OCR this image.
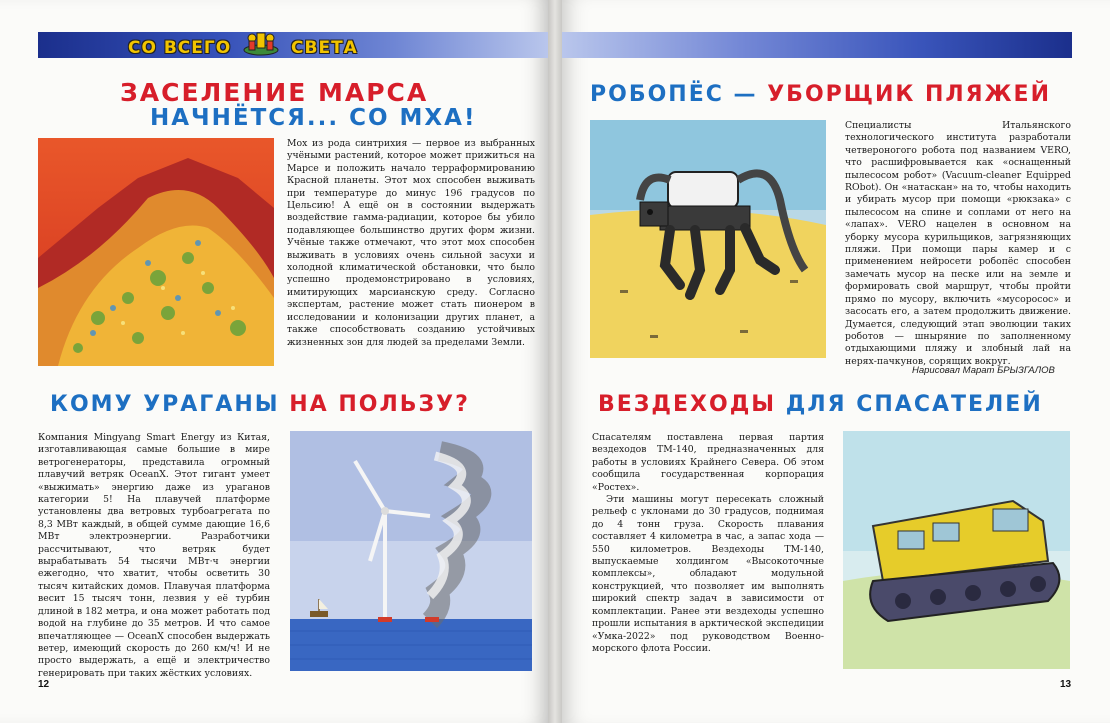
СО ВСЕГО	СВЕТА
ЗАСЕЛЕНИЕ МАРСА
НАЧНЁТСЯ... СО МХА!

Мох из рода синтрихия — первое из выбранных учёными растений, которое может прижиться на Марсе и положить начало терраформированию Красной планеты. Этот мох способен выживать при температуре до минус 196 градусов по Цельсию! А ещё он в состоянии выдержать воздействие гамма-радиации, которое бы убило подавляющее большинство других форм жизни. Учёные также отмечают, что этот мох способен выживать в условиях очень сильной засухи и холодной климатической обстановки, что было успешно продемонстрировано в условиях, имитирующих марсианскую среду. Согласно экспертам, растение может стать пионером в исследовании и колонизации других планет, а также способствовать созданию устойчивых жизненных зон для людей за пределами Земли.

РОБОПЁС — УБОРЩИК ПЛЯЖЕЙ

Специалисты Итальянского технологического института разработали четвероногого робота под названием VERO, что расшифровывается как «оснащенный пылесосом робот» (Vacuum-cleaner Equipped RObot). Он «натаскан» на то, чтобы находить и убирать мусор при помощи «рюкзака» с пылесосом на спине и соплами от него на «лапах». VERO нацелен в основном на уборку мусора курильщиков, загрязняющих пляжи. При помощи пары камер и с применением нейросети робопёс способен замечать мусор на песке или на земле и формировать свой маршрут, чтобы пройти прямо по мусору, включить «мусоросос» и засосать его, а затем продолжить движение. Думается, следующий этап эволюции таких роботов — шныряние по заполненному отдыхающими пляжу и злобный лай на нерях-пачкунов, сорящих вокруг.

Нарисовал Марат БРЫЗГАЛОВ
КОМУ УРАГАНЫ НА ПОЛЬЗУ?

Компания Mingyang Smart Energy из Китая, изготавливающая самые большие в мире ветрогенераторы, представила огромный плавучий ветряк OceanX. Этот гигант умеет «выжимать» энергию даже из ураганов категории 5! На плавучей платформе установлены два ветровых турбоагрегата по 8,3 МВт каждый, в общей сумме дающие 16,6 МВт электроэнергии. Разработчики рассчитывают, что ветряк будет вырабатывать 54 тысячи МВт·ч энергии ежегодно, что хватит, чтобы осветить 30 тысяч китайских домов. Плавучая платформа весит 15 тысяч тонн, лезвия у её турбин длиной в 182 метра, и она может работать под водой на глубине до 35 метров. И что самое впечатляющее — OceanX способен выдержать ветер, имеющий скорость до 260 км/ч! И не просто выдержать, а ещё и электричество генерировать при таких жёстких условиях.

ВЕЗДЕХОДЫ ДЛЯ СПАСАТЕЛЕЙ

Спасателям поставлена первая партия вездеходов ТМ-140, предназначенных для работы в условиях Крайнего Севера. Об этом сообщила государственная корпорация «Ростех».

Эти машины могут пересекать сложный рельеф с уклонами до 30 градусов, поднимая до 4 тонн груза. Скорость плавания составляет 4 километра в час, а запас хода — 550 километров. Вездеходы ТМ-140, выпускаемые холдингом «Высокоточные комплексы», обладают модульной конструкцией, что позволяет им выполнять широкий спектр задач в зависимости от комплектации. Ранее эти вездеходы успешно прошли испытания в арктической экспедиции «Умка-2022» под руководством Военно-морского флота России.

12	13
